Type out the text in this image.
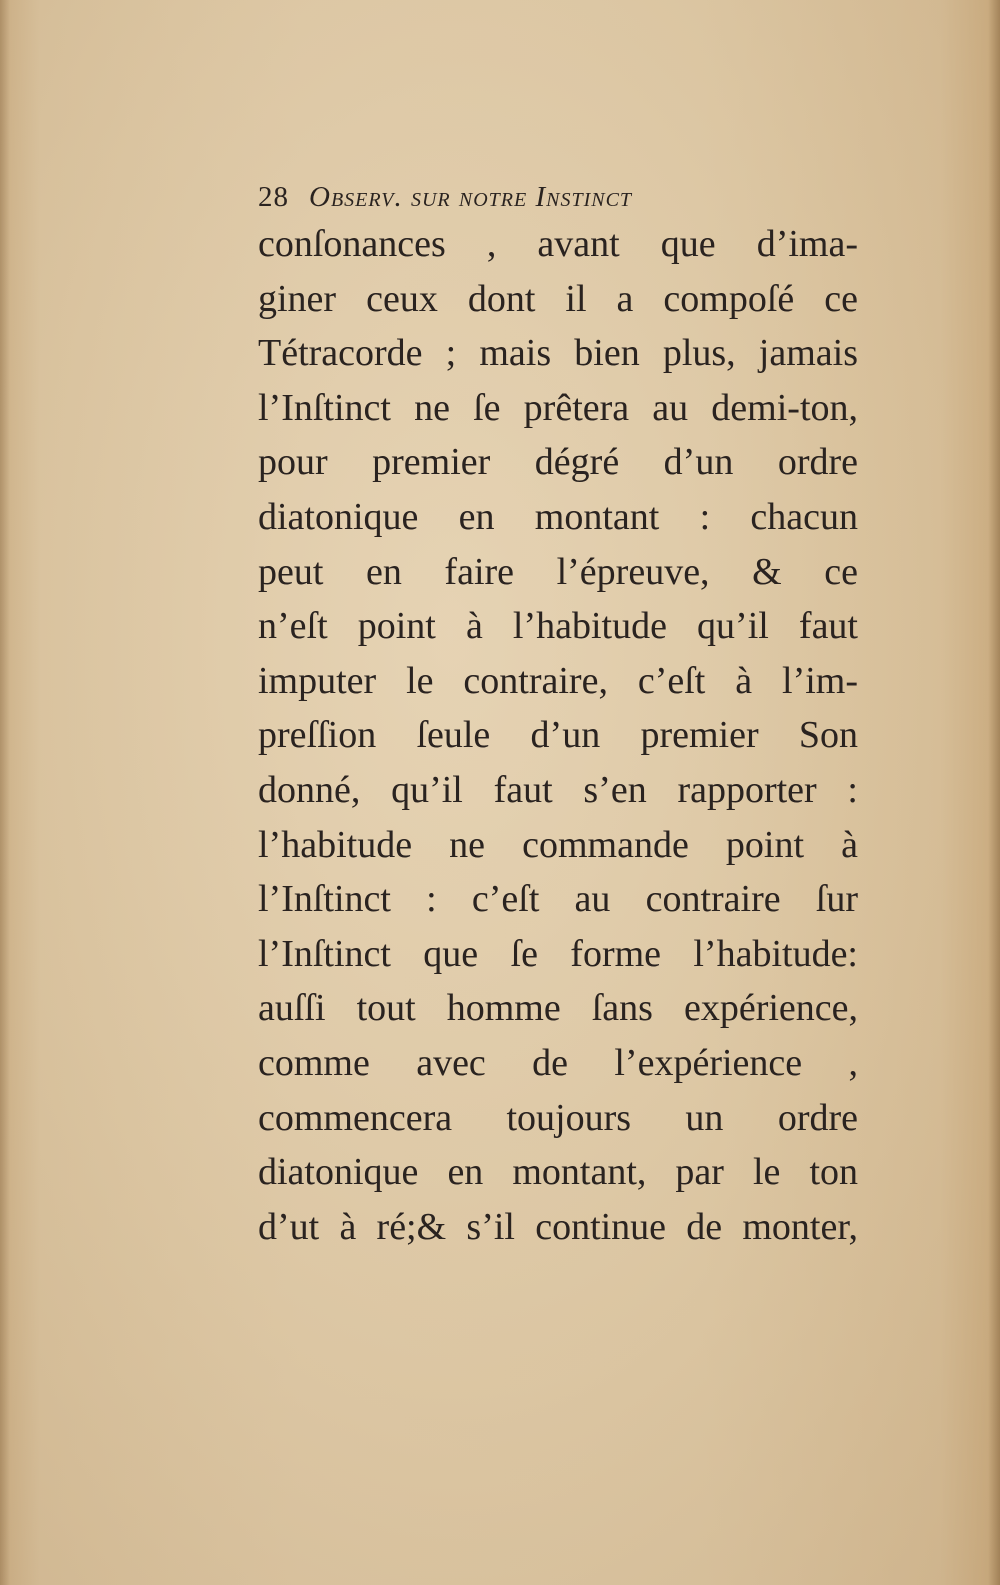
28 Observ. sur notre Instinct
conſonances , avant que d’ima-
giner ceux dont il a compoſé ce
Tétracorde ; mais bien plus, jamais
l’Inſtinct ne ſe prêtera au demi-ton,
pour premier dégré d’un ordre
diatonique en montant : chacun
peut en faire l’épreuve, & ce
n’eſt point à l’habitude qu’il faut
imputer le contraire, c’eſt à l’im-
preſſion ſeule d’un premier Son
donné, qu’il faut s’en rapporter :
l’habitude ne commande point à
l’Inſtinct : c’eſt au contraire ſur
l’Inſtinct que ſe forme l’habitude:
auſſi tout homme ſans expérience,
comme avec de l’expérience ,
commencera toujours un ordre
diatonique en montant, par le ton
d’ut à ré;& s’il continue de monter,
